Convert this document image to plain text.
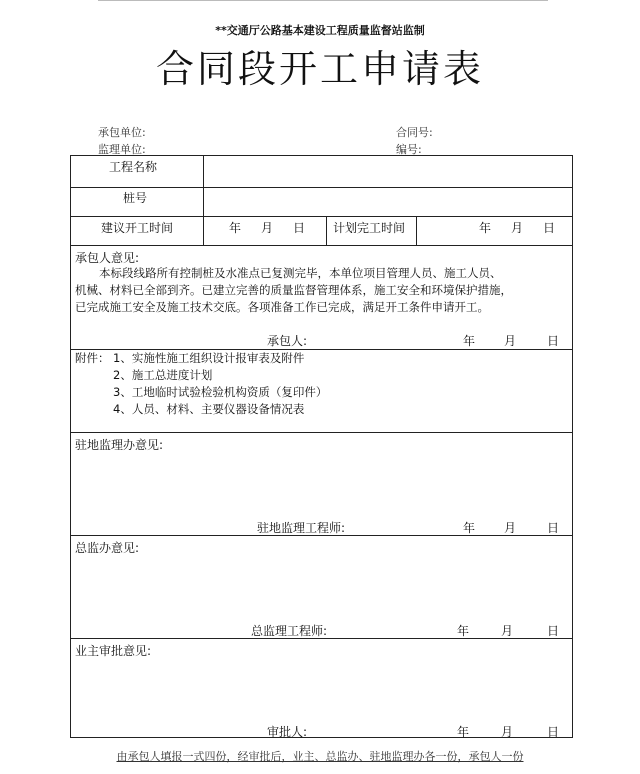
**交通厅公路基本建设工程质量监督站监制
合同段开工申请表
承包单位:
监理单位:
合同号:
编号:
工程名称
桩号
建议开工时间	年 月 日 计划完工时间	年 月 日
承包人意见:
本标段线路所有控制桩及水准点已复测完毕，本单位项目管理人员、施工人员、
机械、材料已全部到齐。已建立完善的质量监督管理体系，施工安全和环境保护措施，
已完成施工安全及施工技术交底。各项准备工作已完成，满足开工条件申请开工。
承包人:	年 月	日
附件： 1、实施性施工组织设计报审表及附件
2、施工总进度计划
3、工地临时试验检验机构资质（复印件）
4、人员、材料、主要仪器设备情况表
驻地监理办意见:
驻地监理工程师:	年 月	日
总监办意见:
总监理工程师:	年	月	日
业主审批意见:
审批人:	年	月	日
由承包人填报一式四份，经审批后，业主、总监办、驻地监理办各一份，承包人一份
